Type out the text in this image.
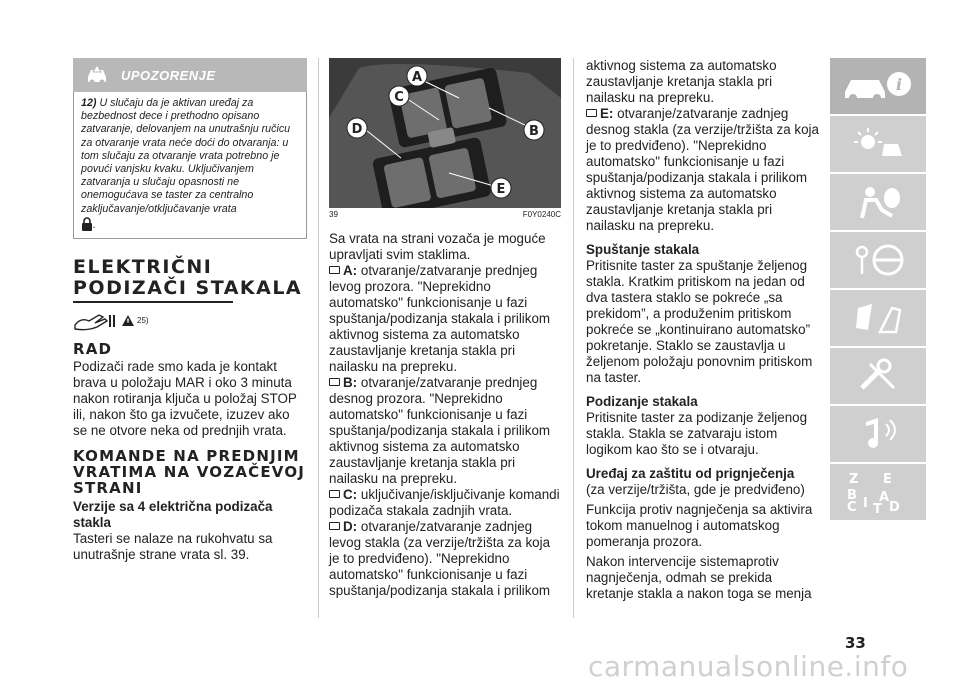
UPOZORENJE
12) U slučaju da je aktivan uređaj za bezbednost dece i prethodno opisano zatvaranje, delovanjem na unutrašnju ručicu za otvaranje vrata neće doći do otvaranja: u tom slučaju za otvaranje vrata potrebno je povući vanjsku kvaku. Uključivanjem zatvaranja u slučaju opasnosti ne onemogućava se taster za centralno zaključavanje/otključavanje vrata
.
ELEKTRIČNI
PODIZAČI STAKALA
25)
RAD
Podizači rade smo kada je kontakt brava u položaju MAR i oko 3 minuta nakon rotiranja ključa u položaj STOP ili, nakon što ga izvučete, izuzev ako se ne otvore neka od prednjih vrata.
KOMANDE NA PREDNJIM VRATIMA NA VOZAČEVOJ STRANI
Verzije sa 4 električna podizača stakla
Tasteri se nalaze na rukohvatu sa unutrašnje strane vrata sl. 39.
A
B
C
D
E
39	F0Y0240C
Sa vrata na strani vozača je moguće upravljati svim staklima.
A: otvaranje/zatvaranje prednjeg levog prozora. "Neprekidno automatsko" funkcionisanje u fazi spuštanja/podizanja stakala i prilikom aktivnog sistema za automatsko zaustavljanje kretanja stakla pri nailasku na prepreku.
B: otvaranje/zatvaranje prednjeg desnog prozora. "Neprekidno automatsko" funkcionisanje u fazi spuštanja/podizanja stakala i prilikom aktivnog sistema za automatsko zaustavljanje kretanja stakla pri nailasku na prepreku.
C: uključivanje/isključivanje komandi podizača stakala zadnjih vrata.
D: otvaranje/zatvaranje zadnjeg levog stakla (za verzije/tržišta za koja je to predviđeno). "Neprekidno automatsko" funkcionisanje u fazi spuštanja/podizanja stakala i prilikom
aktivnog sistema za automatsko zaustavljanje kretanja stakla pri nailasku na prepreku.
E: otvaranje/zatvaranje zadnjeg desnog stakla (za verzije/tržišta za koja je to predviđeno). "Neprekidno automatsko" funkcionisanje u fazi spuštanja/podizanja stakala i prilikom aktivnog sistema za automatsko zaustavljanje kretanja stakla pri nailasku na prepreku.
Spuštanje stakala
Pritisnite taster za spuštanje željenog stakla. Kratkim pritiskom na jedan od dva tastera staklo se pokreće „sa prekidom”, a produženim pritiskom pokreće se „kontinuirano automatsko” pokretanje. Staklo se zaustavlja u željenom položaju ponovnim pritiskom na taster.
Podizanje stakala
Pritisnite taster za podizanje željenog stakla. Stakla se zatvaraju istom logikom kao što se i otvaraju.
Uređaj za zaštitu od prignječenja
(za verzije/tržišta, gde je predviđeno)
Funkcija protiv nagnječenja sa aktivira tokom manuelnog i automatskog pomeranja prozora.
Nakon intervencije sistemaprotiv nagnječenja, odmah se prekida kretanje stakla a nakon toga se menja
i
Z E
B A
D
I
C T
33
carmanualsonline.info
